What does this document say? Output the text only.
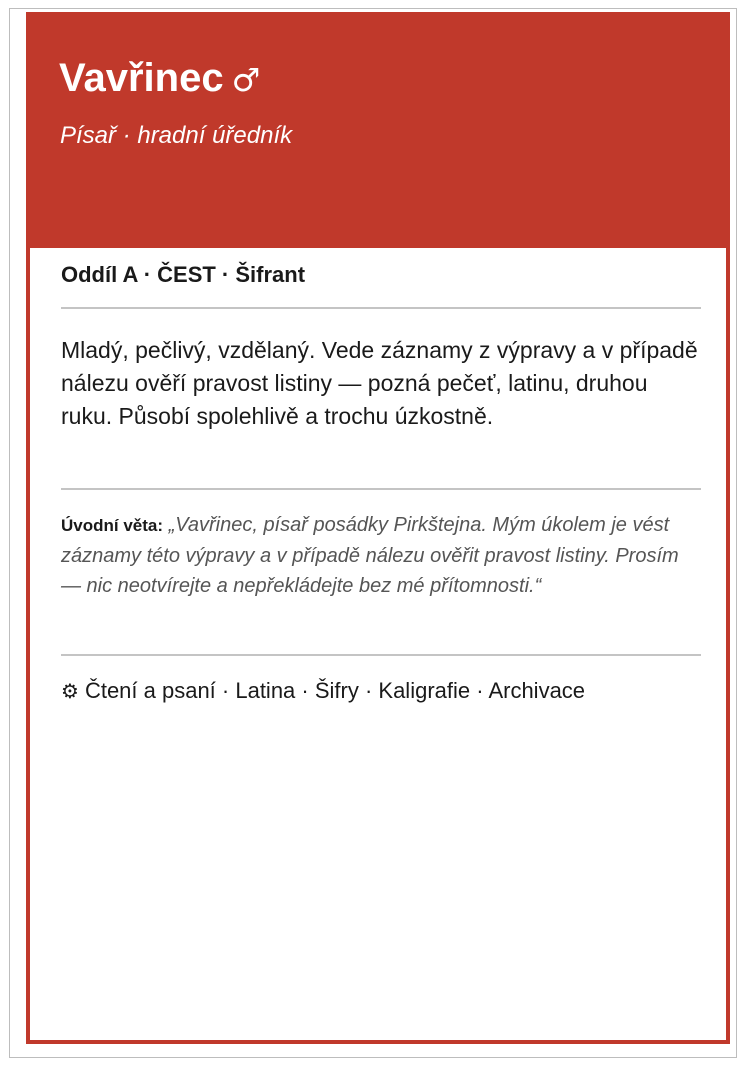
Vavřinec ♂
Písař · hradní úředník
Oddíl A · ČEST · Šifrant
Mladý, pečlivý, vzdělaný. Vede záznamy z výpravy a v případě nálezu ověří pravost listiny — pozná pečeť, latinu, druhou ruku. Působí spolehlivě a trochu úzkostně.
Úvodní věta: „Vavřinec, písař posádky Pirkštejna. Mým úkolem je vést záznamy této výpravy a v případě nálezu ověřit pravost listiny. Prosím — nic neotvírejte a nepřekládejte bez mé přítomnosti.“
⚙ Čtení a psaní · Latina · Šifry · Kaligrafie · Archivace
